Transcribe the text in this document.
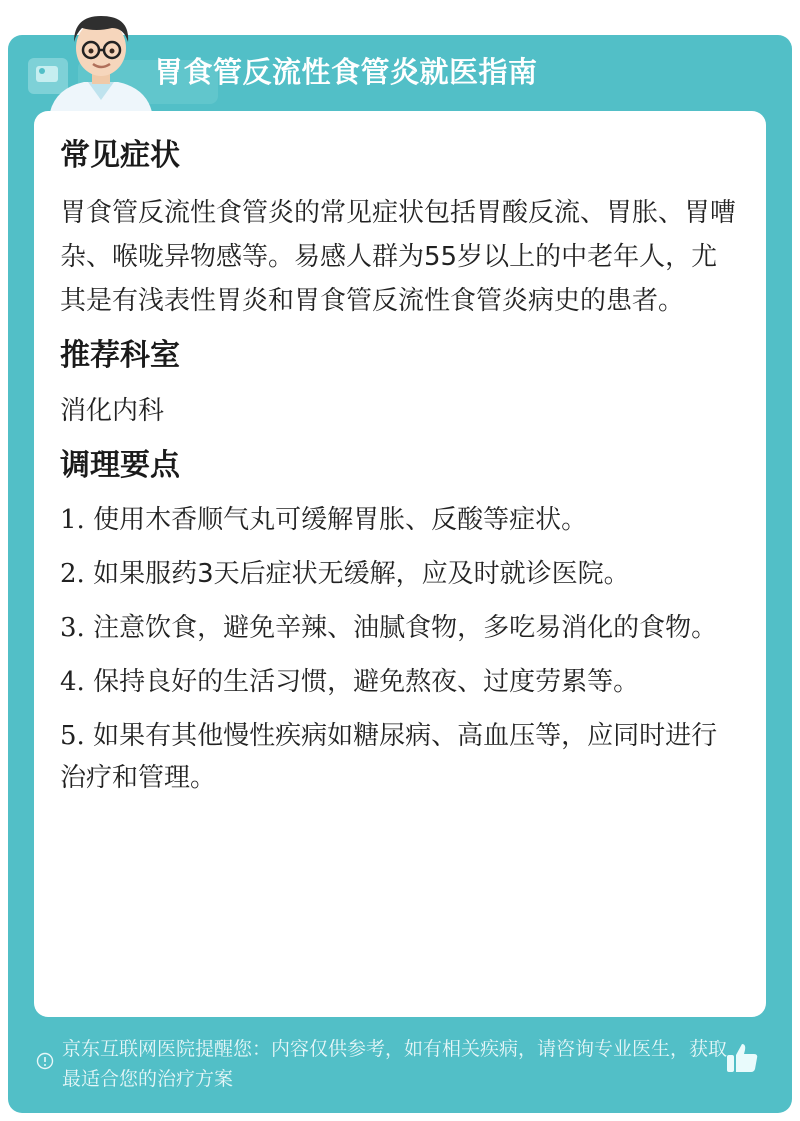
胃食管反流性食管炎就医指南
常见症状
胃食管反流性食管炎的常见症状包括胃酸反流、胃胀、胃嘈杂、喉咙异物感等。易感人群为55岁以上的中老年人，尤其是有浅表性胃炎和胃食管反流性食管炎病史的患者。
推荐科室
消化内科
调理要点
1. 使用木香顺气丸可缓解胃胀、反酸等症状。
2. 如果服药3天后症状无缓解，应及时就诊医院。
3. 注意饮食，避免辛辣、油腻食物，多吃易消化的食物。
4. 保持良好的生活习惯，避免熬夜、过度劳累等。
5. 如果有其他慢性疾病如糖尿病、高血压等，应同时进行治疗和管理。
京东互联网医院提醒您：内容仅供参考，如有相关疾病，请咨询专业医生，获取最适合您的治疗方案
